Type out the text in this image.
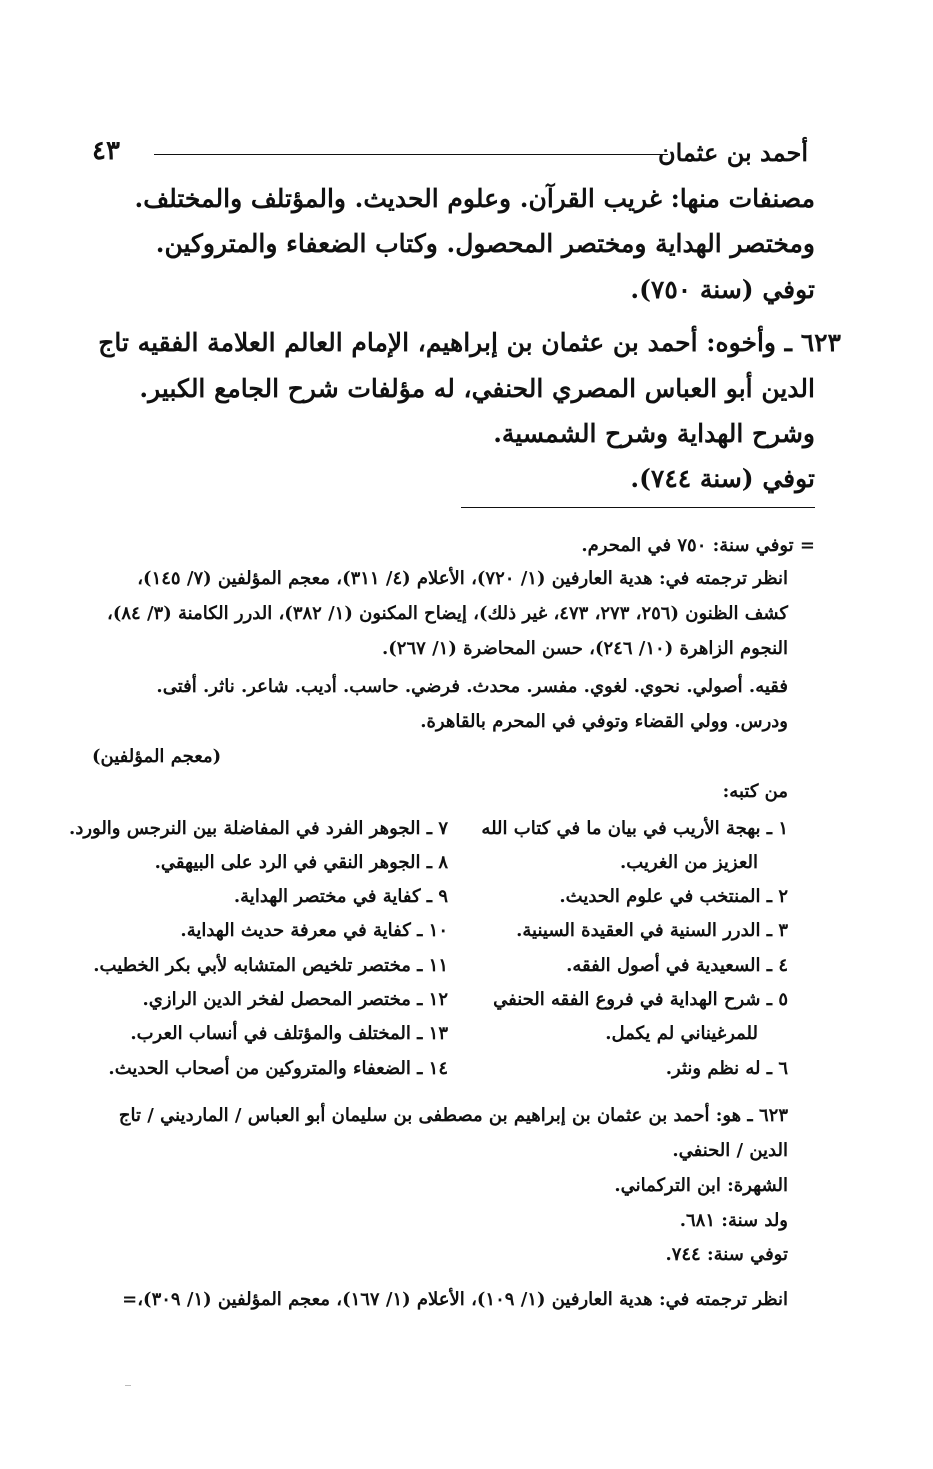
أحمد بن عثمان
٤٣
مصنفات منها: غريب القرآن. وعلوم الحديث. والمؤتلف والمختلف.
ومختصر الهداية ومختصر المحصول. وكتاب الضعفاء والمتروكين.
توفي (سنة ٧٥٠).
٦٢٣ ـ وأخوه: أحمد بن عثمان بن إبراهيم، الإمام العالم العلامة الفقيه تاج
الدين أبو العباس المصري الحنفي، له مؤلفات شرح الجامع الكبير.
وشرح الهداية وشرح الشمسية.
توفي (سنة ٧٤٤).
= توفي سنة: ٧٥٠ في المحرم.
انظر ترجمته في: هدية العارفين (١/ ٧٢٠)، الأعلام (٤/ ٣١١)، معجم المؤلفين (٧/ ١٤٥)،
كشف الظنون (٢٥٦، ٢٧٣، ٤٧٣، غير ذلك)، إيضاح المكنون (١/ ٣٨٢)، الدرر الكامنة (٣/ ٨٤)،
النجوم الزاهرة (١٠/ ٢٤٦)، حسن المحاضرة (١/ ٢٦٧).
فقيه. أصولي. نحوي. لغوي. مفسر. محدث. فرضي. حاسب. أديب. شاعر. ناثر. أفتى.
ودرس. وولي القضاء وتوفي في المحرم بالقاهرة.
(معجم المؤلفين)
من كتبه:
١ ـ بهجة الأريب في بيان ما في كتاب الله
العزيز من الغريب.
٢ ـ المنتخب في علوم الحديث.
٣ ـ الدرر السنية في العقيدة السينية.
٤ ـ السعيدية في أصول الفقه.
٥ ـ شرح الهداية في فروع الفقه الحنفي
للمرغيناني لم يكمل.
٦ ـ له نظم ونثر.
٧ ـ الجوهر الفرد في المفاضلة بين النرجس والورد.
٨ ـ الجوهر النقي في الرد على البيهقي.
٩ ـ كفاية في مختصر الهداية.
١٠ ـ كفاية في معرفة حديث الهداية.
١١ ـ مختصر تلخيص المتشابه لأبي بكر الخطيب.
١٢ ـ مختصر المحصل لفخر الدين الرازي.
١٣ ـ المختلف والمؤتلف في أنساب العرب.
١٤ ـ الضعفاء والمتروكين من أصحاب الحديث.
٦٢٣ ـ هو: أحمد بن عثمان بن إبراهيم بن مصطفى بن سليمان أبو العباس / المارديني / تاج
الدين / الحنفي.
الشهرة: ابن التركماني.
ولد سنة: ٦٨١.
توفي سنة: ٧٤٤.
انظر ترجمته في: هدية العارفين (١/ ١٠٩)، الأعلام (١/ ١٦٧)، معجم المؤلفين (١/ ٣٠٩)،=
